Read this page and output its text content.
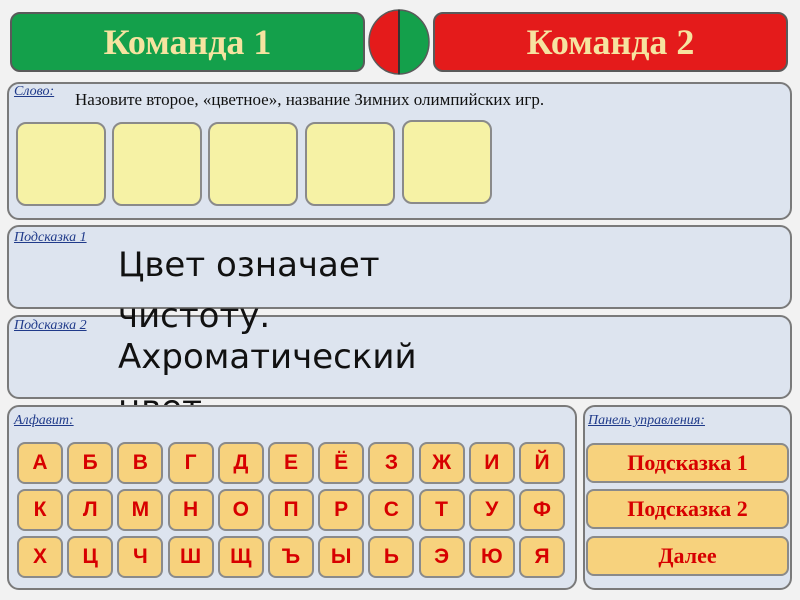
Команда 1	Команда 2
Слово: Назовите второе, «цветное», название Зимних олимпийских игр.
Подсказка 1
Подсказка 2
Цвет означает чистоту.
Ахроматический
Алфавит:
А	Б	В	Г	Д	Е	Ё	З	Ж	И	Й
К	Л	М	Н	О	П	Р	С	Т	У	Ф
Х	Ц	Ч	Ш	Щ	Ъ	Ы	Ь	Э	Ю	Я
Панель управления:
Подсказка 1
Подсказка 2
Далее
